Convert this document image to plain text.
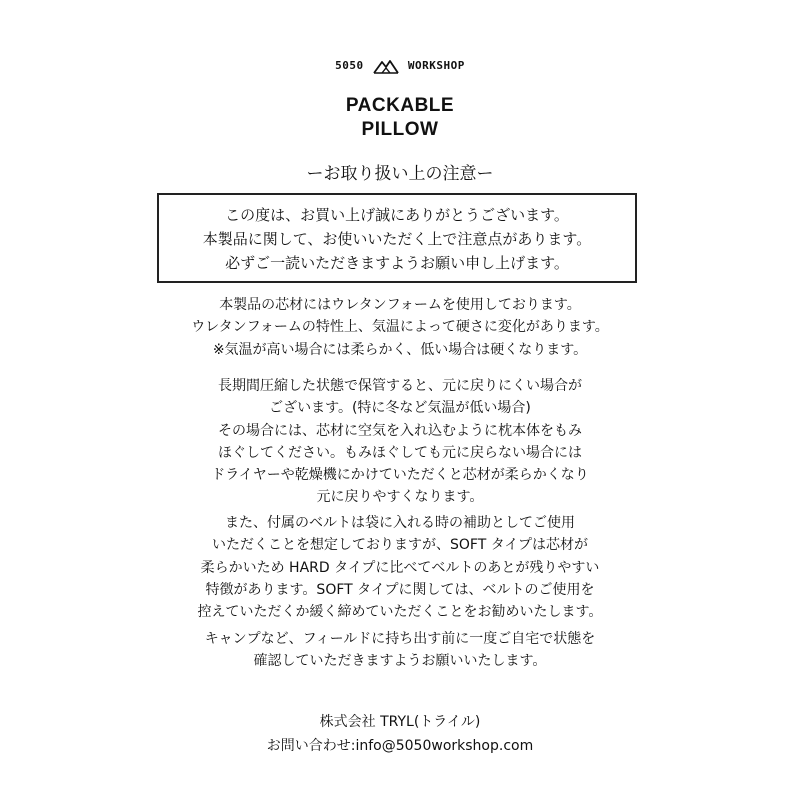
5050	WORKSHOP
PACKABLE
PILLOW
ーお取り扱い上の注意ー
この度は、お買い上げ誠にありがとうございます。
本製品に関して、お使いいただく上で注意点があります。
必ずご一読いただきますようお願い申し上げます。
本製品の芯材にはウレタンフォームを使用しております。
ウレタンフォームの特性上、気温によって硬さに変化があります。
※気温が高い場合には柔らかく、低い場合は硬くなります。
長期間圧縮した状態で保管すると、元に戻りにくい場合が
ございます。(特に冬など気温が低い場合)
その場合には、芯材に空気を入れ込むように枕本体をもみ
ほぐしてください。もみほぐしても元に戻らない場合には
ドライヤーや乾燥機にかけていただくと芯材が柔らかくなり
元に戻りやすくなります。
また、付属のベルトは袋に入れる時の補助としてご使用
いただくことを想定しておりますが、SOFT タイプは芯材が
柔らかいため HARD タイプに比べてベルトのあとが残りやすい
特徴があります。SOFT タイプに関しては、ベルトのご使用を
控えていただくか緩く締めていただくことをお勧めいたします。
キャンプなど、フィールドに持ち出す前に一度ご自宅で状態を
確認していただきますようお願いいたします。
株式会社 TRYL(トライル)
お問い合わせ:info@5050workshop.com
